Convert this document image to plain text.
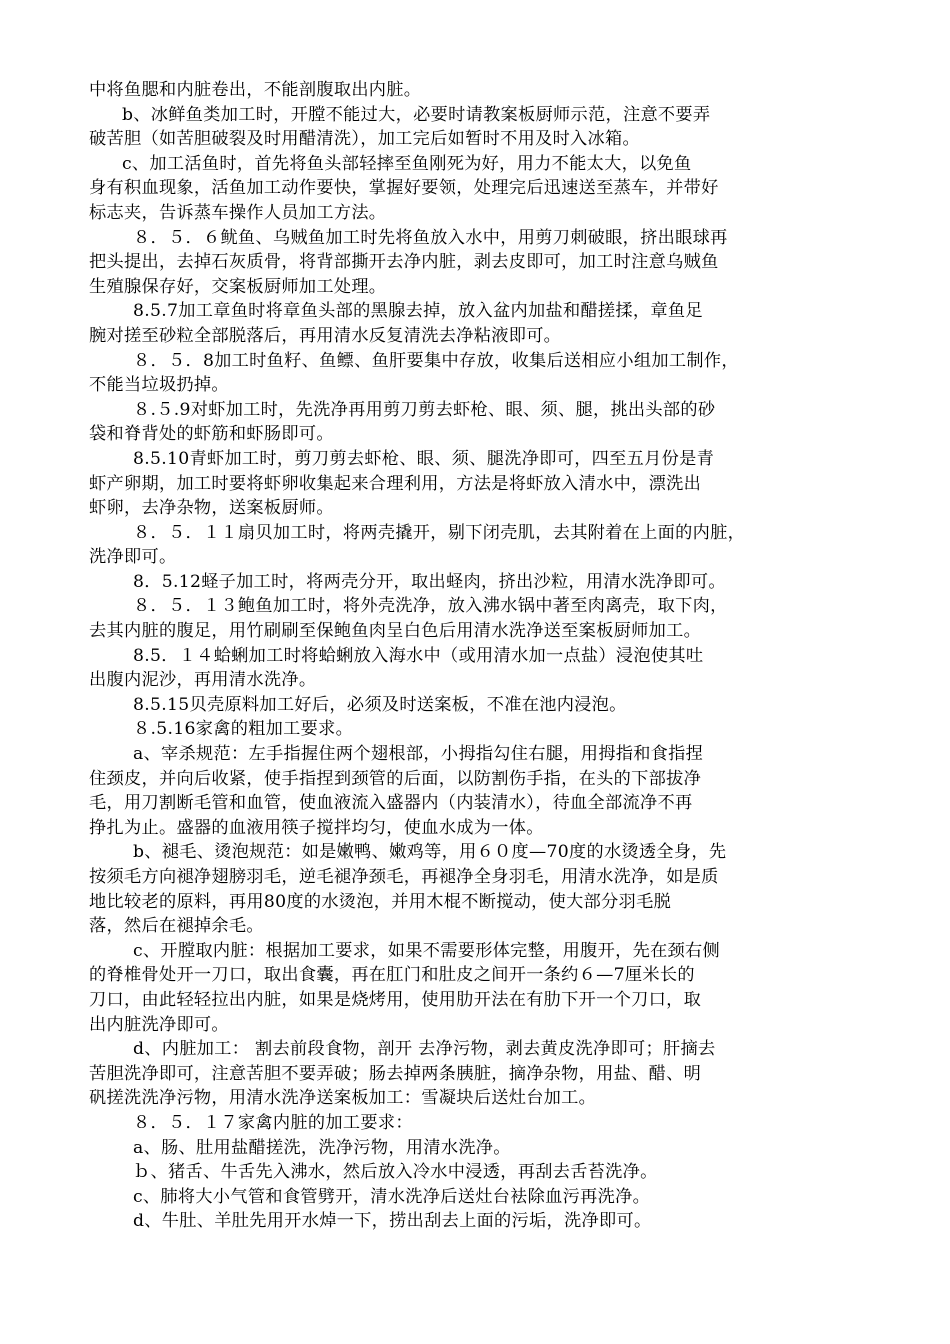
中将鱼腮和内脏卷出，不能剖腹取出内脏。
b、冰鲜鱼类加工时，开膛不能过大，必要时请教案板厨师示范，注意不要弄
破苦胆（如苦胆破裂及时用醋清洗），加工完后如暂时不用及时入冰箱。
c、加工活鱼时，首先将鱼头部轻摔至鱼刚死为好，用力不能太大，以免鱼
身有积血现象，活鱼加工动作要快，掌握好要领，处理完后迅速送至蒸车，并带好
标志夹，告诉蒸车操作人员加工方法。
８．５．６鱿鱼、乌贼鱼加工时先将鱼放入水中，用剪刀刺破眼，挤出眼球再
把头提出，去掉石灰质骨，将背部撕开去净内脏，剥去皮即可，加工时注意乌贼鱼
生殖腺保存好，交案板厨师加工处理。
8.5.7加工章鱼时将章鱼头部的黑腺去掉，放入盆内加盐和醋搓揉，章鱼足
腕对搓至砂粒全部脱落后，再用清水反复清洗去净粘液即可。
８．５．8加工时鱼籽、鱼鳔、鱼肝要集中存放，收集后送相应小组加工制作，
不能当垃圾扔掉。
８.５.9对虾加工时，先洗净再用剪刀剪去虾枪、眼、须、腿，挑出头部的砂
袋和脊背处的虾筋和虾肠即可。
8.5.10青虾加工时，剪刀剪去虾枪、眼、须、腿洗净即可，四至五月份是青
虾产卵期，加工时要将虾卵收集起来合理利用，方法是将虾放入清水中，漂洗出
虾卵，去净杂物，送案板厨师。
８．５．１１扇贝加工时，将两壳撬开，剔下闭壳肌，去其附着在上面的内脏，
洗净即可。
8．5.12蛏子加工时，将两壳分开，取出蛏肉，挤出沙粒，用清水洗净即可。
８．５．１３鲍鱼加工时，将外壳洗净，放入沸水锅中著至肉离壳，取下肉，
去其内脏的腹足，用竹刷刷至保鲍鱼肉呈白色后用清水洗净送至案板厨师加工。
8.5．１４蛤蜊加工时将蛤蜊放入海水中（或用清水加一点盐）浸泡使其吐
出腹内泥沙，再用清水洗净。
8.5.15贝壳原料加工好后，必须及时送案板，不准在池内浸泡。
８.5.16家禽的粗加工要求。
a、宰杀规范：左手指握住两个翅根部，小拇指勾住右腿，用拇指和食指捏
住颈皮，并向后收紧，使手指捏到颈管的后面，以防割伤手指，在头的下部拔净
毛，用刀割断毛管和血管，使血液流入盛器内（内装清水），待血全部流净不再
挣扎为止。盛器的血液用筷子搅拌均匀，使血水成为一体。
b、褪毛、烫泡规范：如是嫩鸭、嫩鸡等，用６０度—70度的水烫透全身，先
按须毛方向褪净翅膀羽毛，逆毛褪净颈毛，再褪净全身羽毛，用清水洗净，如是质
地比较老的原料，再用80度的水烫泡，并用木棍不断搅动，使大部分羽毛脱
落，然后在褪掉余毛。
c、开膛取内脏：根据加工要求，如果不需要形体完整，用腹开，先在颈右侧
的脊椎骨处开一刀口，取出食囊，再在肛门和肚皮之间开一条约６—7厘米长的
刀口，由此轻轻拉出内脏，如果是烧烤用，使用肋开法在有肋下开一个刀口，取
出内脏洗净即可。
d、内脏加工： 割去前段食物，剖开 去净污物，剥去黄皮洗净即可；肝摘去
苦胆洗净即可，注意苦胆不要弄破；肠去掉两条胰脏，摘净杂物，用盐、醋、明
矾搓洗洗净污物，用清水洗净送案板加工：雪凝块后送灶台加工。
８．５．１７家禽内脏的加工要求：
a、肠、肚用盐醋搓洗，洗净污物，用清水洗净。
ｂ、猪舌、牛舌先入沸水，然后放入冷水中浸透，再刮去舌苔洗净。
c、肺将大小气管和食管劈开，清水洗净后送灶台袪除血污再洗净。
d、牛肚、羊肚先用开水焯一下，捞出刮去上面的污垢，洗净即可。
